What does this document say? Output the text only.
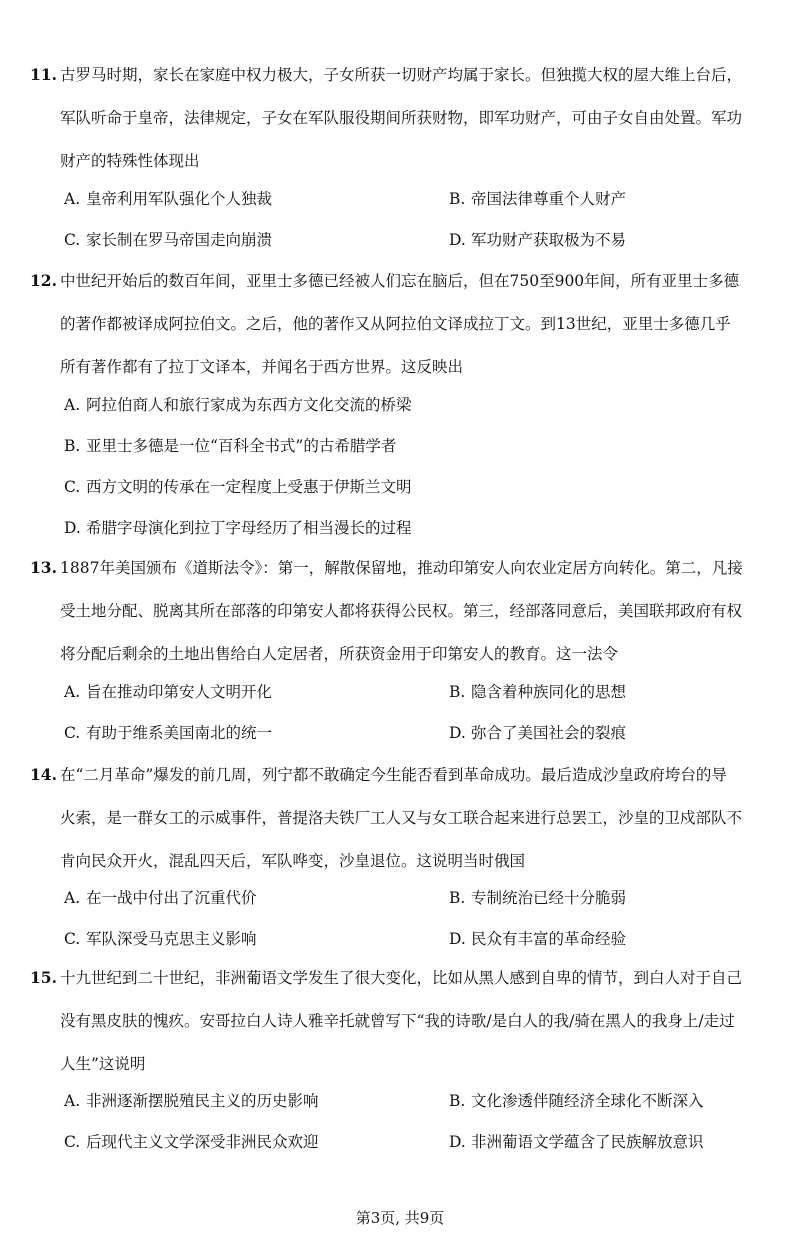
11. 古罗马时期，家长在家庭中权力极大，子女所获一切财产均属于家长。但独揽大权的屋大维上台后，
军队听命于皇帝，法律规定，子女在军队服役期间所获财物，即军功财产，可由子女自由处置。军功
财产的特殊性体现出
A. 皇帝利用军队强化个人独裁	B. 帝国法律尊重个人财产
C. 家长制在罗马帝国走向崩溃	D. 军功财产获取极为不易
12. 中世纪开始后的数百年间，亚里士多德已经被人们忘在脑后，但在750至900年间，所有亚里士多德
的著作都被译成阿拉伯文。之后，他的著作又从阿拉伯文译成拉丁文。到13世纪，亚里士多德几乎
所有著作都有了拉丁文译本，并闻名于西方世界。这反映出
A. 阿拉伯商人和旅行家成为东西方文化交流的桥梁
B. 亚里士多德是一位“百科全书式”的古希腊学者
C. 西方文明的传承在一定程度上受惠于伊斯兰文明
D. 希腊字母演化到拉丁字母经历了相当漫长的过程
13. 1887年美国颁布《道斯法令》：第一，解散保留地，推动印第安人向农业定居方向转化。第二，凡接
受土地分配、脱离其所在部落的印第安人都将获得公民权。第三，经部落同意后，美国联邦政府有权
将分配后剩余的土地出售给白人定居者，所获资金用于印第安人的教育。这一法令
A. 旨在推动印第安人文明开化	B. 隐含着种族同化的思想
C. 有助于维系美国南北的统一	D. 弥合了美国社会的裂痕
14. 在“二月革命”爆发的前几周，列宁都不敢确定今生能否看到革命成功。最后造成沙皇政府垮台的导
火索，是一群女工的示威事件，普提洛夫铁厂工人又与女工联合起来进行总罢工，沙皇的卫戍部队不
肯向民众开火，混乱四天后，军队哗变，沙皇退位。这说明当时俄国
A. 在一战中付出了沉重代价	B. 专制统治已经十分脆弱
C. 军队深受马克思主义影响	D. 民众有丰富的革命经验
15. 十九世纪到二十世纪，非洲葡语文学发生了很大变化，比如从黑人感到自卑的情节，到白人对于自己
没有黑皮肤的愧疚。安哥拉白人诗人雅辛托就曾写下“我的诗歌/是白人的我/骑在黑人的我身上/走过
人生”这说明
A. 非洲逐渐摆脱殖民主义的历史影响	B. 文化渗透伴随经济全球化不断深入
C. 后现代主义文学深受非洲民众欢迎	D. 非洲葡语文学蕴含了民族解放意识
第3页, 共9页
